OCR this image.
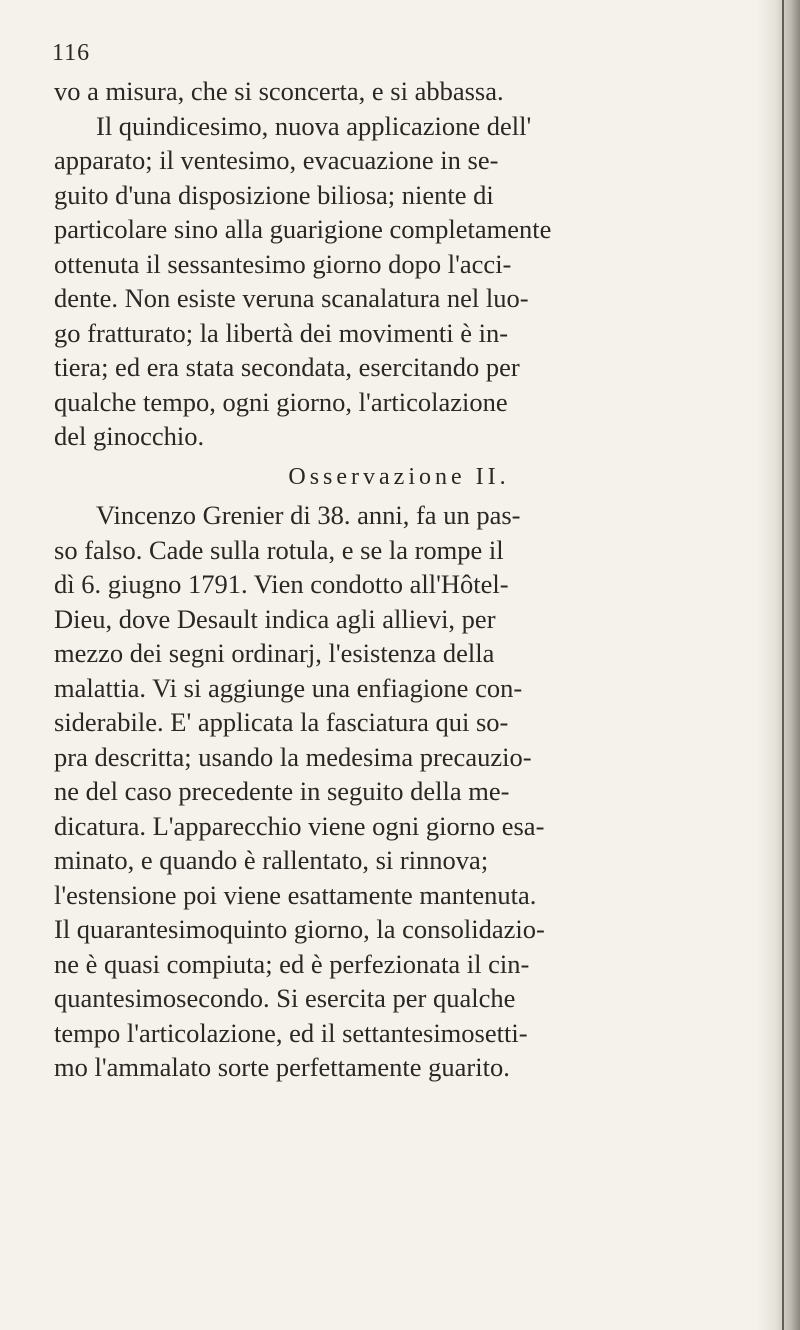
116
vo a misura, che si sconcerta, e si abbassa.
Il quindicesimo, nuova applicazione dell'
apparato; il ventesimo, evacuazione in se-
guito d'una disposizione biliosa; niente di
particolare sino alla guarigione completamente
ottenuta il sessantesimo giorno dopo l'acci-
dente. Non esiste veruna scanalatura nel luo-
go fratturato; la libertà dei movimenti è in-
tiera; ed era stata secondata, esercitando per
qualche tempo, ogni giorno, l'articolazione
del ginocchio.
Osservazione II.
Vincenzo Grenier di 38. anni, fa un pas-
so falso. Cade sulla rotula, e se la rompe il
dì 6. giugno 1791. Vien condotto all'Hôtel-
Dieu, dove Desault indica agli allievi, per
mezzo dei segni ordinarj, l'esistenza della
malattia. Vi si aggiunge una enfiagione con-
siderabile. E' applicata la fasciatura qui so-
pra descritta; usando la medesima precauzio-
ne del caso precedente in seguito della me-
dicatura. L'apparecchio viene ogni giorno esa-
minato, e quando è rallentato, si rinnova;
l'estensione poi viene esattamente mantenuta.
Il quarantesimoquinto giorno, la consolidazio-
ne è quasi compiuta; ed è perfezionata il cin-
quantesimosecondo. Si esercita per qualche
tempo l'articolazione, ed il settantesimosetti-
mo l'ammalato sorte perfettamente guarito.
